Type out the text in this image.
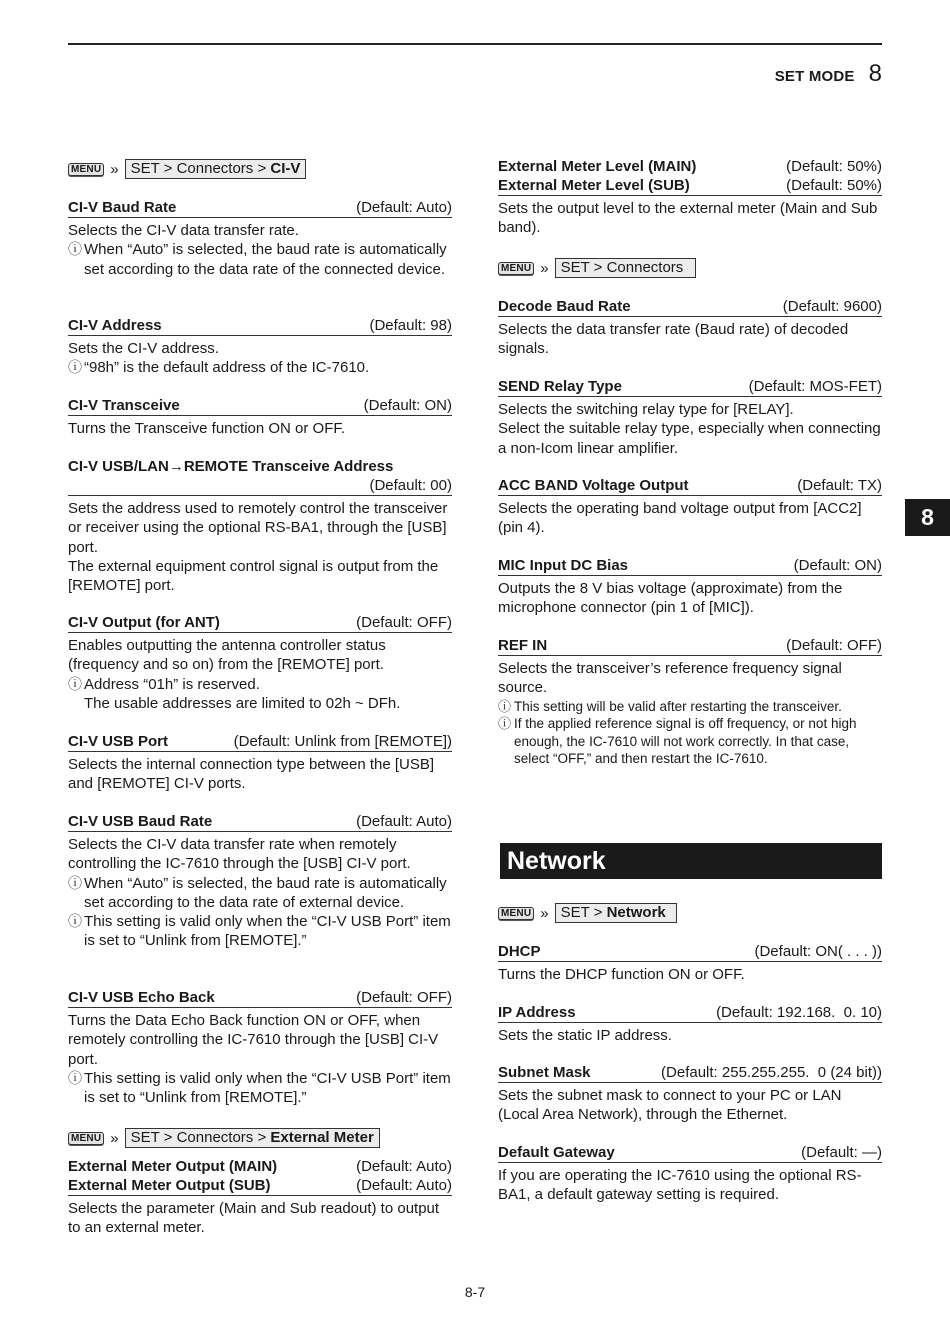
SET MODE 8
8
MENU » SET > Connectors > CI-V
CI-V Baud Rate	(Default: Auto)

Selects the CI-V data transfer rate.

ⓘ When “Auto” is selected, the baud rate is automatically set according to the data rate of the connected device.

CI-V Address	(Default: 98)

Sets the CI-V address.

ⓘ “98h” is the default address of the IC-7610.

CI-V Transceive	(Default: ON)

Turns the Transceive function ON or OFF.

CI-V USB/LAN→REMOTE Transceive Address
(Default: 00)

Sets the address used to remotely control the transceiver or receiver using the optional RS-BA1, through the [USB] port.

The external equipment control signal is output from the [REMOTE] port.

CI-V Output (for ANT)	(Default: OFF)

Enables outputting the antenna controller status (frequency and so on) from the [REMOTE] port.

ⓘ Address “01h” is reserved.

The usable addresses are limited to 02h ~ DFh.

CI-V USB Port	(Default: Unlink from [REMOTE])

Selects the internal connection type between the [USB] and [REMOTE] CI-V ports.

CI-V USB Baud Rate	(Default: Auto)

Selects the CI-V data transfer rate when remotely controlling the IC-7610 through the [USB] CI-V port.

ⓘ When “Auto” is selected, the baud rate is automatically set according to the data rate of external device.

ⓘ This setting is valid only when the “CI-V USB Port” item is set to “Unlink from [REMOTE].”

CI-V USB Echo Back	(Default: OFF)

Turns the Data Echo Back function ON or OFF, when remotely controlling the IC-7610 through the [USB] CI-V port.

ⓘ This setting is valid only when the “CI-V USB Port” item is set to “Unlink from [REMOTE].”

MENU » SET > Connectors > External Meter
External Meter Output (MAIN)	(Default: Auto)
External Meter Output (SUB)	(Default: Auto)

Selects the parameter (Main and Sub readout) to output to an external meter.

External Meter Level (MAIN)	(Default: 50%)
External Meter Level (SUB)	(Default: 50%)

Sets the output level to the external meter (Main and Sub band).

MENU » SET > Connectors
Decode Baud Rate	(Default: 9600)

Selects the data transfer rate (Baud rate) of decoded signals.

SEND Relay Type	(Default: MOS-FET)

Selects the switching relay type for [RELAY].

Select the suitable relay type, especially when connecting a non-Icom linear amplifier.

ACC BAND Voltage Output	(Default: TX)

Selects the operating band voltage output from [ACC2] (pin 4).

MIC Input DC Bias	(Default: ON)

Outputs the 8 V bias voltage (approximate) from the microphone connector (pin 1 of [MIC]).

REF IN	(Default: OFF)

Selects the transceiver’s reference frequency signal source.

ⓘ This setting will be valid after restarting the transceiver.

ⓘ If the applied reference signal is off frequency, or not high enough, the IC-7610 will not work correctly. In that case, select “OFF,” and then restart the IC-7610.

Network
MENU » SET > Network
DHCP	(Default: ON( . . . ))

Turns the DHCP function ON or OFF.

IP Address	(Default: 192.168.  0. 10)

Sets the static IP address.

Subnet Mask	(Default: 255.255.255.  0 (24 bit))

Sets the subnet mask to connect to your PC or LAN (Local Area Network), through the Ethernet.

Default Gateway	(Default: —)

If you are operating the IC-7610 using the optional RS-BA1, a default gateway setting is required.

8-7
